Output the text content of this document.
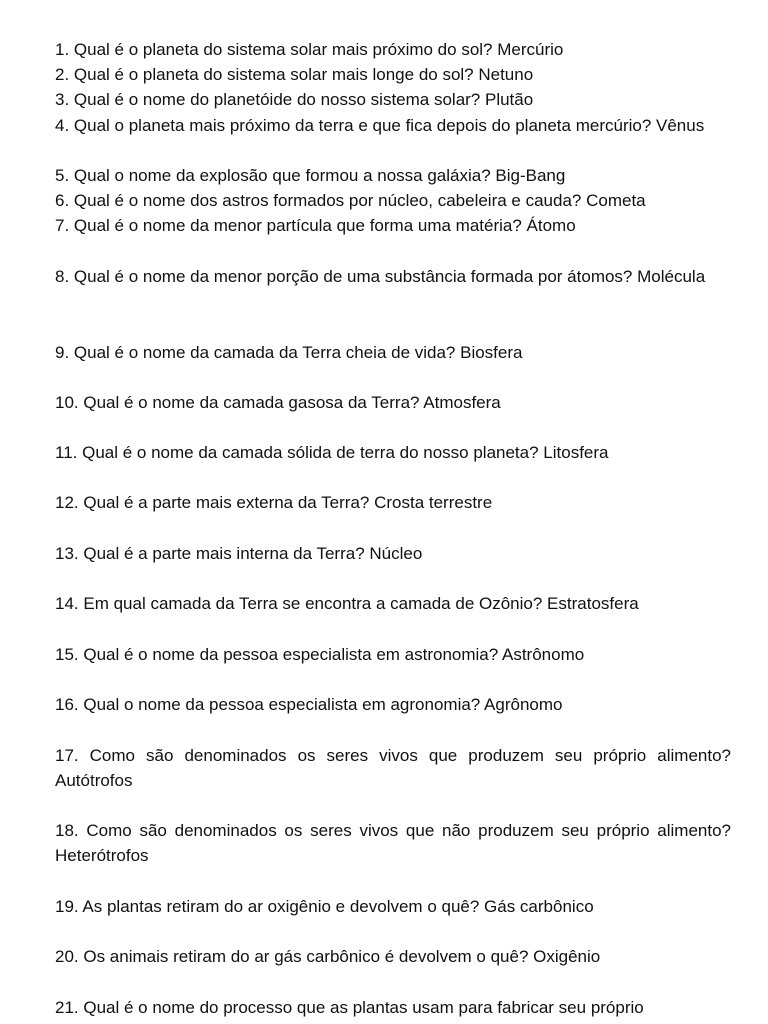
1. Qual é o planeta do sistema solar mais próximo do sol? Mercúrio

2. Qual é o planeta do sistema solar mais longe do sol? Netuno

3. Qual é o nome do planetóide do nosso sistema solar? Plutão

4. Qual o planeta mais próximo da terra e que fica depois do planeta mercúrio? Vênus

5. Qual o nome da explosão que formou a nossa galáxia? Big-Bang

6. Qual é o nome dos astros formados por núcleo, cabeleira e cauda? Cometa

7. Qual é o nome da menor partícula que forma uma matéria? Átomo

8. Qual é o nome da menor porção de uma substância formada por átomos? Molécula

9. Qual é o nome da camada da Terra cheia de vida? Biosfera

10. Qual é o nome da camada gasosa da Terra? Atmosfera

11. Qual é o nome da camada sólida de terra do nosso planeta? Litosfera

12. Qual é a parte mais externa da Terra? Crosta terrestre

13. Qual é a parte mais interna da Terra? Núcleo

14. Em qual camada da Terra se encontra a camada de Ozônio? Estratosfera

15. Qual é o nome da pessoa especialista em astronomia? Astrônomo

16. Qual o nome da pessoa especialista em agronomia? Agrônomo

17. Como são denominados os seres vivos que produzem seu próprio alimento? Autótrofos

18. Como são denominados os seres vivos que não produzem seu próprio alimento? Heterótrofos

19. As plantas retiram do ar oxigênio e devolvem o quê? Gás carbônico

20. Os animais retiram do ar gás carbônico é devolvem o quê? Oxigênio

21. Qual é o nome do processo que as plantas usam para fabricar seu próprio
